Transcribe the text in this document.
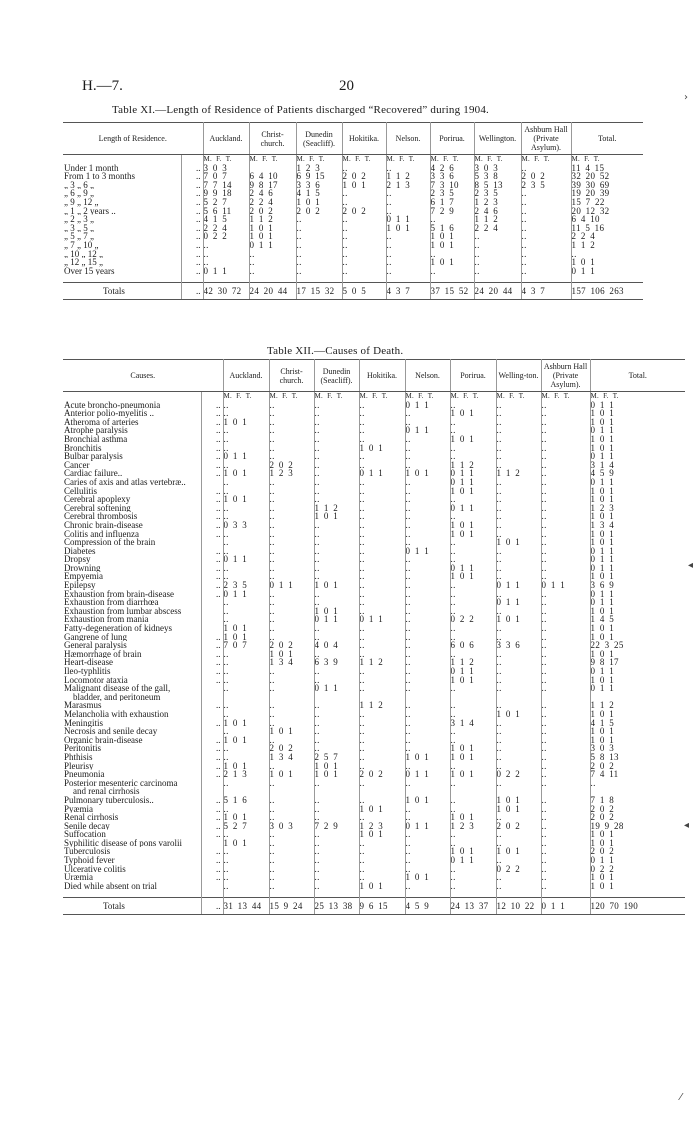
H.—7.	20
Table XI.—Length of Residence of Patients discharged “Recovered” during 1904.
Length of Residence.		Auckland.	Christ-church.	Dunedin (Seacliff).	Hokitika.	Nelson.	Porirua.	Wellington.	Ashburn Hall (Private Asylum).	Total.
		M. F. T.	M. F. T.	M. F. T.	M. F. T.	M. F. T.	M. F. T.	M. F. T.	M. F. T.	M. F. T.
Under 1 month	..	3 0 3		1 2 3	..	..	4 2 6	3 0 3	..	11 4 15
From 1 to 3 months	..	7 0 7	6 4 10	6 9 15	2 0 2	1 1 2	3 3 6	5 3 8	2 0 2	32 20 52
„ 3 „ 6 „	..	7 7 14	9 8 17	3 3 6	1 0 1	2 1 3	7 3 10	8 5 13	2 3 5	39 30 69
„ 6 „ 9 „	..	9 9 18	2 4 6	4 1 5	..	..	2 3 5	2 3 5	..	19 20 39
„ 9 „ 12 „	..	5 2 7	2 2 4	1 0 1	..	..	6 1 7	1 2 3	..	15 7 22
„ 1 „ 2 years ..	..	5 6 11	2 0 2	2 0 2	2 0 2	..	7 2 9	2 4 6	..	20 12 32
„ 2 „ 3 „	..	4 1 5	1 1 2	..	..	0 1 1	..	1 1 2	..	6 4 10
„ 3 „ 5 „	..	2 2 4	1 0 1	..	..	1 0 1	5 1 6	2 2 4	..	11 5 16
„ 5 „ 7 „	..	0 2 2	1 0 1	..	..	..	1 0 1	..	..	2 2 4
„ 7 „ 10 „	..	..	0 1 1	..	..	..	1 0 1	..	..	1 1 2
„ 10 „ 12 „	..	..	..	..	..	..	..	..	..	..
„ 12 „ 15 „	..	..	..	..	..	..	1 0 1	..	..	1 0 1
Over 15 years	..	0 1 1	..	..	..	..	..	..	..	0 1 1

Totals	..	42 30 72	24 20 44	17 15 32	5 0 5	4 3 7	37 15 52	24 20 44	4 3 7	157 106 263
Table XII.—Causes of Death.
Causes.		Auckland.	Christ-church.	Dunedin (Seacliff).	Hokitika.	Nelson.	Porirua.	Welling-ton.	Ashburn Hall (Private Asylum).	Total.
		M. F. T.	M. F. T.	M. F. T.	M. F. T.	M. F. T.	M. F. T.	M. F. T.	M. F. T.	M. F. T.
Acute broncho-pneumonia	..	..	..	..	..	0 1 1	..	..	..	0 1 1
Anterior polio-myelitis ..	..	..	..	..	..	..	1 0 1	..	..	1 0 1
Atheroma of arteries	..	1 0 1	..	..	..	..	..	..	..	1 0 1
Atrophe paralysis	..	..	..	..	..	0 1 1	..	..	..	0 1 1
Bronchial asthma	..	..	..	..	..	..	1 0 1	..	..	1 0 1
Bronchitis	..	..	..	..	1 0 1	..	..	..	..	1 0 1
Bulbar paralysis	..	0 1 1	..	..	..	..	..	..	..	0 1 1
Cancer	..	..	2 0 2	..	..	..	1 1 2	..	..	3 1 4
Cardiac failure..	..	1 0 1	1 2 3	..	0 1 1	1 0 1	0 1 1	1 1 2	..	4 5 9
Caries of axis and atlas vertebræ..		..	..	..	..	..	0 1 1	..	..	0 1 1
Cellulitis	..	..	..	..	..	..	1 0 1	..	..	1 0 1
Cerebral apoplexy	..	1 0 1	..	..	..	..	..	..	..	1 0 1
Cerebral softening	..	..	..	1 1 2	..	..	0 1 1	..	..	1 2 3
Cerebral thrombosis	..	..	..	1 0 1	..	..	..	..	..	1 0 1
Chronic brain-disease	..	0 3 3	..	..	..	..	1 0 1	..	..	1 3 4
Colitis and influenza	..	..	..	..	..	..	1 0 1	..	..	1 0 1
Compression of the brain		..	..	..	..	..	..	1 0 1	..	1 0 1
Diabetes	..	..	..	..	..	0 1 1	..	..	..	0 1 1
Dropsy	..	0 1 1	..	..	..	..	..	..	..	0 1 1
Drowning	..	..	..	..	..	..	0 1 1	..	..	0 1 1
Empyemia	..	..	..	..	..	..	1 0 1	..	..	1 0 1
Epilepsy	..	2 3 5	0 1 1	1 0 1	..	..	..	0 1 1	0 1 1	3 6 9
Exhaustion from brain-disease	..	0 1 1	..	..	..	..	..	..	..	0 1 1
Exhaustion from diarrhœa		..	..	..	..	..	..	0 1 1	..	0 1 1
Exhaustion from lumbar abscess		..	..	1 0 1	..	..	..	..	..	1 0 1
Exhaustion from mania		..	..	0 1 1	0 1 1	..	0 2 2	1 0 1	..	1 4 5
Fatty-degeneration of kidneys		1 0 1	..	..	..	..	..	..	..	1 0 1
Gangrene of lung	..	1 0 1	..	..	..	..	..	..	..	1 0 1
General paralysis	..	7 0 7	2 0 2	4 0 4	..	..	6 0 6	3 3 6	..	22 3 25
Hæmorrhage of brain	..	..	1 0 1	..	..	..	..	..	..	1 0 1
Heart-disease	..	..	1 3 4	6 3 9	1 1 2	..	1 1 2	..	..	9 8 17
Ileo-typhlitis	..	..	..	..	..	..	0 1 1	..	..	0 1 1
Locomotor ataxia	..	..	..	..	..	..	1 0 1	..	..	1 0 1
Malignant disease of the gall,		..	..	0 1 1	..	..	..	..	..	0 1 1
bladder, and peritoneum										
Marasmus	..	..	..	..	1 1 2	..	..	..	..	1 1 2
Melancholia with exhaustion		..	..	..	..	..	..	1 0 1	..	1 0 1
Meningitis	..	1 0 1	..	..	..	..	3 1 4	..	..	4 1 5
Necrosis and senile decay		..	1 0 1	..	..	..	..	..	..	1 0 1
Organic brain-disease	..	1 0 1	..	..	..	..	..	..	..	1 0 1
Peritonitis	..	..	2 0 2	..	..	..	1 0 1	..	..	3 0 3
Phthisis	..	..	1 3 4	2 5 7	..	1 0 1	1 0 1	..	..	5 8 13
Pleurisy	..	1 0 1	..	1 0 1	..	..	..	..	..	2 0 2
Pneumonia	..	2 1 3	1 0 1	1 0 1	2 0 2	0 1 1	1 0 1	0 2 2	..	7 4 11
Posterior mesenteric carcinoma		..	..	..	..	..	..	..	..	..
and renal cirrhosis										
Pulmonary tuberculosis..	..	5 1 6	..	..	..	1 0 1	..	1 0 1	..	7 1 8
Pyæmia	..	..	..	..	1 0 1	..	..	1 0 1	..	2 0 2
Renal cirrhosis	..	1 0 1	..	..	..	..	1 0 1	..	..	2 0 2
Senile decay	..	5 2 7	3 0 3	7 2 9	1 2 3	0 1 1	1 2 3	2 0 2	..	19 9 28
Suffocation	..	..	..	..	1 0 1	..	..	..	..	1 0 1
Syphilitic disease of pons varolii		1 0 1	..	..	..	..	..	..	..	1 0 1
Tuberculosis	..	..	..	..	..	..	1 0 1	1 0 1	..	2 0 2
Typhoid fever	..	..	..	..	..	..	0 1 1	..	..	0 1 1
Ulcerative colitis	..	..	..	..	..	..	..	0 2 2	..	0 2 2
Uræmia	..	..	..	..	..	1 0 1	..	..	..	1 0 1
Died while absent on trial		..	..	..	1 0 1	..	..	..	..	1 0 1

Totals	..	31 13 44	15 9 24	25 13 38	9 6 15	4 5 9	24 13 37	12 10 22	0 1 1	120 70 190
›
◂
◂
⁄
